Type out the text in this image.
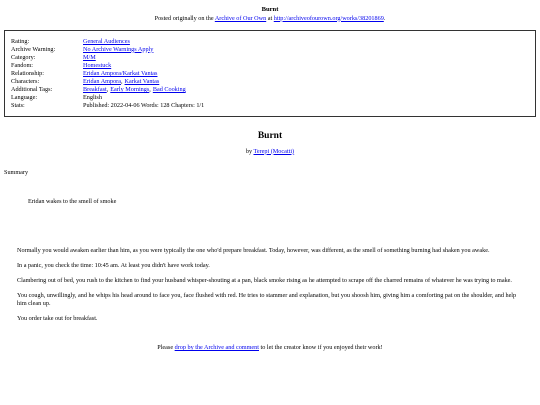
Burnt
Posted originally on the Archive of Our Own at http://archiveofourown.org/works/38201869.
Rating:	General Audiences
Archive Warning:	No Archive Warnings Apply
Category:	M/M
Fandom:	Homestuck
Relationship:	Eridan Ampora/Karkat Vantas
Characters:	Eridan Ampora, Karkat Vantas
Additional Tags:	Breakfast, Early Mornings, Bad Cooking
Language:	English
Stats:	Published: 2022-04-06 Words: 128 Chapters: 1/1
Burnt
by Terepi (Mocatti)
Summary
Eridan wakes to the smell of smoke

Normally you would awaken earlier than him, as you were typically the one who'd prepare breakfast. Today, however, was different, as the smell of something burning had shaken you awake.

In a panic, you check the time: 10:45 am. At least you didn't have work today.

Clambering out of bed, you rush to the kitchen to find your husband whisper-shouting at a pan, black smoke rising as he attempted to scrape off the charred remains of whatever he was trying to make.

You cough, unwillingly, and he whips his head around to face you, face flushed with red. He tries to stammer and explanation, but you shoosh him, giving him a comforting pat on the shoulder, and help him clean up.

You order take out for breakfast.

Please drop by the Archive and comment to let the creator know if you enjoyed their work!
